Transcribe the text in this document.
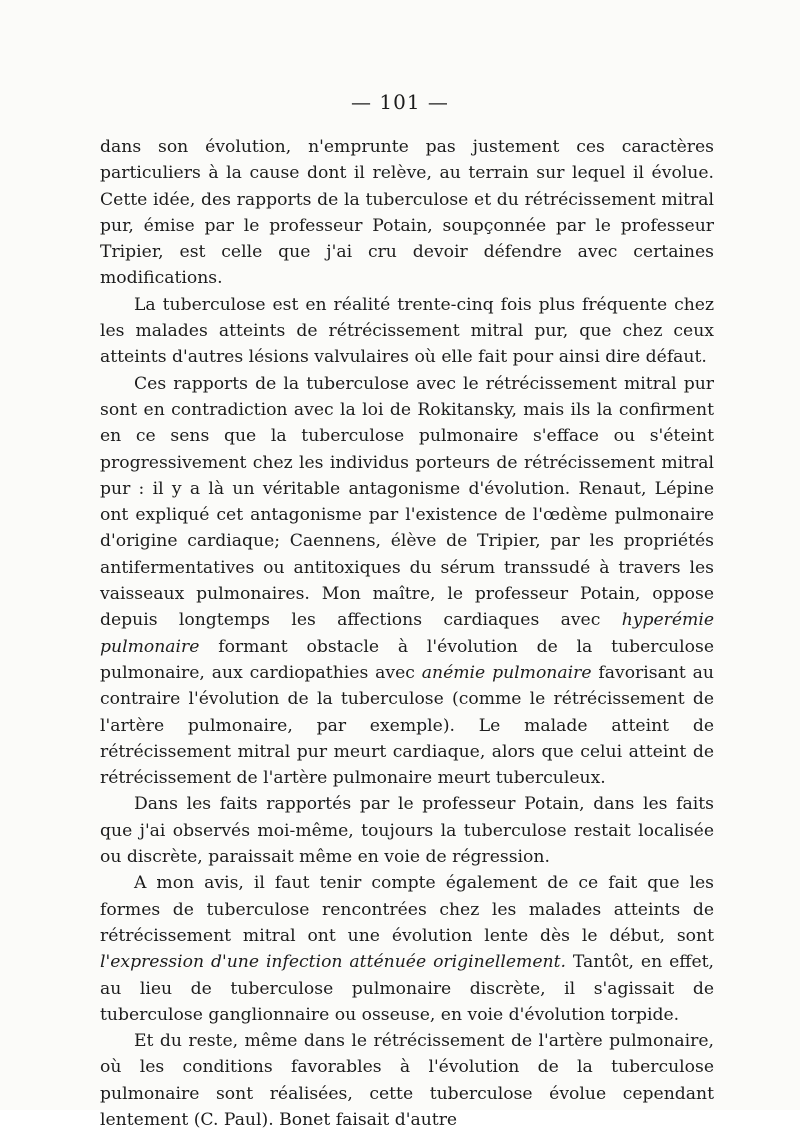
— 101 —

dans son évolution, n'emprunte pas justement ces caractères particuliers à la cause dont il relève, au terrain sur lequel il évolue. Cette idée, des rapports de la tuberculose et du rétrécissement mitral pur, émise par le professeur Potain, soupçonnée par le professeur Tripier, est celle que j'ai cru devoir défendre avec certaines modifications.

La tuberculose est en réalité trente-cinq fois plus fréquente chez les malades atteints de rétrécissement mitral pur, que chez ceux atteints d'autres lésions valvulaires où elle fait pour ainsi dire défaut.

Ces rapports de la tuberculose avec le rétrécissement mitral pur sont en contradiction avec la loi de Rokitansky, mais ils la confirment en ce sens que la tuberculose pulmonaire s'efface ou s'éteint progressivement chez les individus porteurs de rétrécissement mitral pur : il y a là un véritable antagonisme d'évolution. Renaut, Lépine ont expliqué cet antagonisme par l'existence de l'œdème pulmonaire d'origine cardiaque; Caennens, élève de Tripier, par les propriétés antifermentatives ou antitoxiques du sérum transsudé à travers les vaisseaux pulmonaires. Mon maître, le professeur Potain, oppose depuis longtemps les affections cardiaques avec hyperémie pulmonaire formant obstacle à l'évolution de la tuberculose pulmonaire, aux cardiopathies avec anémie pulmonaire favorisant au contraire l'évolution de la tuberculose (comme le rétrécissement de l'artère pulmonaire, par exemple). Le malade atteint de rétrécissement mitral pur meurt cardiaque, alors que celui atteint de rétrécissement de l'artère pulmonaire meurt tuberculeux.

Dans les faits rapportés par le professeur Potain, dans les faits que j'ai observés moi-même, toujours la tuberculose restait localisée ou discrète, paraissait même en voie de régression.

A mon avis, il faut tenir compte également de ce fait que les formes de tuberculose rencontrées chez les malades atteints de rétrécissement mitral ont une évolution lente dès le début, sont l'expression d'une infection atténuée originellement. Tantôt, en effet, au lieu de tuberculose pulmonaire discrète, il s'agissait de tuberculose ganglionnaire ou osseuse, en voie d'évolution torpide.

Et du reste, même dans le rétrécissement de l'artère pulmonaire, où les conditions favorables à l'évolution de la tuberculose pulmonaire sont réalisées, cette tuberculose évolue cependant lentement (C. Paul). Bonet faisait d'autre
